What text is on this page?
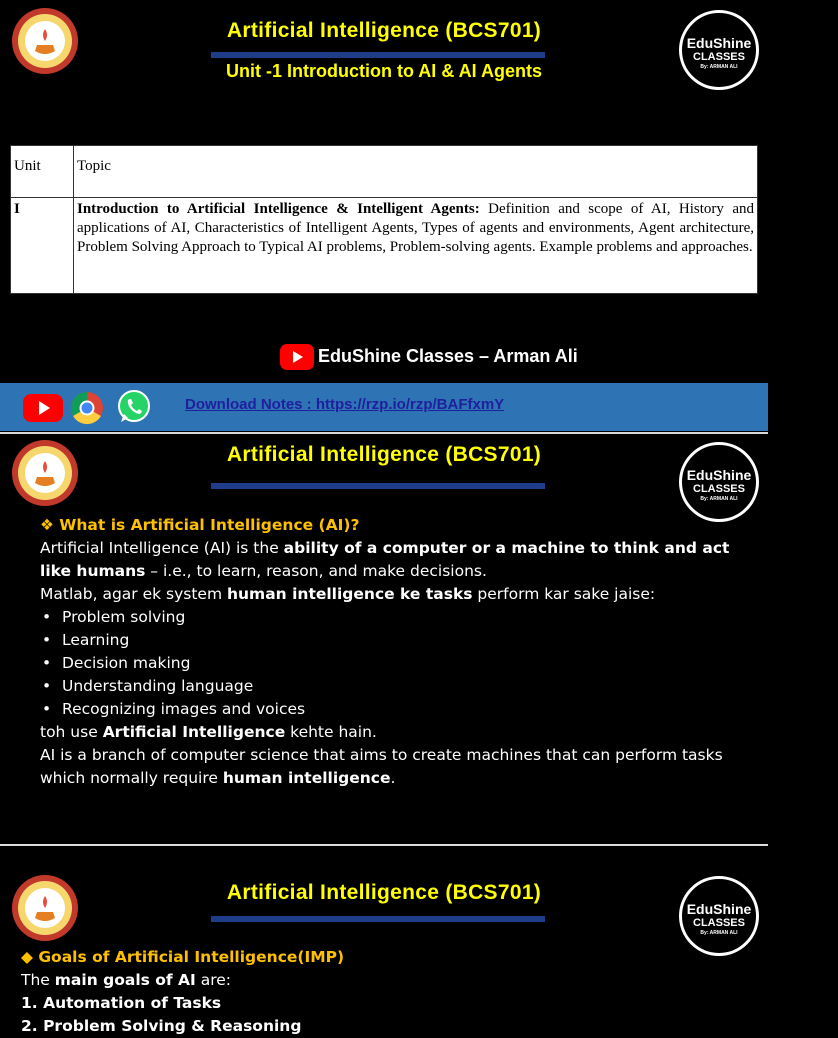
Artificial Intelligence (BCS701)
Unit -1 Introduction to AI & AI Agents
EduShine
CLASSES
By: ARMAN ALI
Unit	Topic
I	Introduction to Artificial Intelligence & Intelligent Agents: Definition and scope of AI, History and applications of AI, Characteristics of Intelligent Agents, Types of agents and environments, Agent architecture, Problem Solving Approach to Typical AI problems, Problem-solving agents. Example problems and approaches.
EduShine Classes – Arman Ali
Download Notes : https://rzp.io/rzp/BAFfxmY
Artificial Intelligence (BCS701)
EduShine
CLASSES
By: ARMAN ALI

❖ What is Artificial Intelligence (AI)?

Artificial Intelligence (AI) is the ability of a computer or a machine to think and act like humans – i.e., to learn, reason, and make decisions.

Matlab, agar ek system human intelligence ke tasks perform kar sake jaise:

• Problem solving
• Learning
• Decision making
• Understanding language
• Recognizing images and voices

toh use Artificial Intelligence kehte hain.

AI is a branch of computer science that aims to create machines that can perform tasks which normally require human intelligence.

Artificial Intelligence (BCS701)
EduShine
CLASSES
By: ARMAN ALI

◆ Goals of Artificial Intelligence(IMP)

The main goals of AI are:

1. Automation of Tasks

2. Problem Solving & Reasoning
